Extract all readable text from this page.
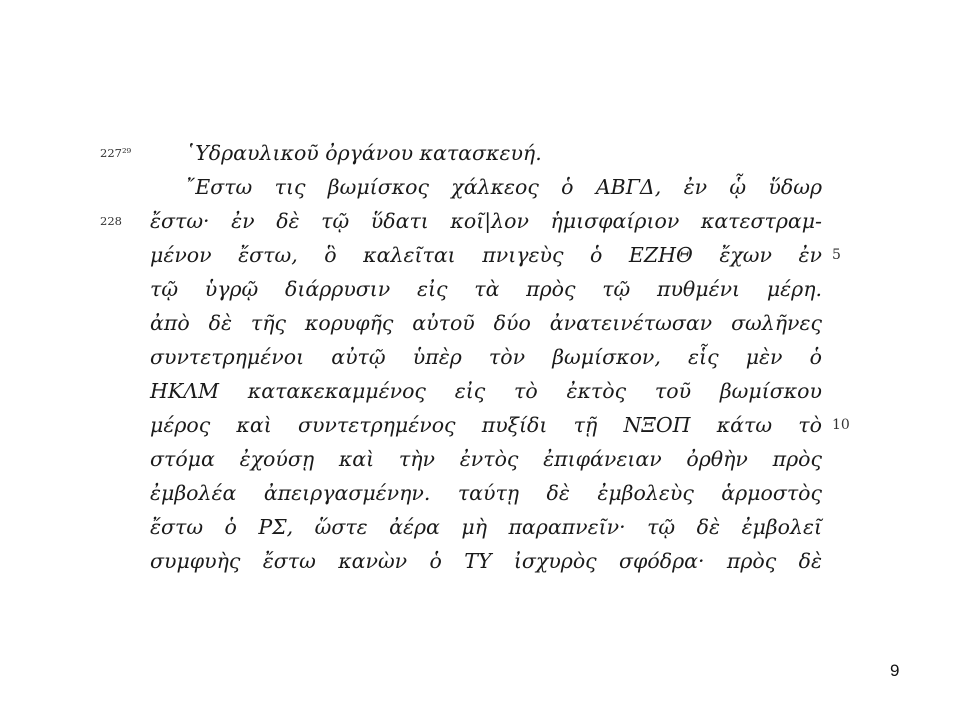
227²⁹
228
῾Υδραυλικοῦ ὀργάνου κατασκευή.
῎Εστω τις βωμίσκος χάλκεος ὁ ΑΒΓΔ, ἐν ᾧ ὕδωρ
ἔστω· ἐν δὲ τῷ ὕδατι κοῖ|λον ἡμισφαίριον κατεστραμ-
μένον ἔστω, ὃ καλεῖται πνιγεὺς ὁ ΕΖΗΘ ἔχων ἐν
τῷ ὑγρῷ διάρρυσιν εἰς τὰ πρὸς τῷ πυθμένι μέρη.
ἀπὸ δὲ τῆς κορυφῆς αὐτοῦ δύο ἀνατεινέτωσαν σωλῆνες
συντετρημένοι αὐτῷ ὑπὲρ τὸν βωμίσκον, εἷς μὲν ὁ
ΗΚΛΜ κατακεκαμμένος εἰς τὸ ἐκτὸς τοῦ βωμίσκου
μέρος καὶ συντετρημένος πυξίδι τῇ ΝΞΟΠ κάτω τὸ
στόμα ἐχούσῃ καὶ τὴν ἐντὸς ἐπιφάνειαν ὀρθὴν πρὸς
ἐμβολέα ἀπειργασμένην. ταύτῃ δὲ ἐμβολεὺς ἁρμοστὸς
ἔστω ὁ ΡΣ, ὥστε ἀέρα μὴ παραπνεῖν· τῷ δὲ ἐμβολεῖ
συμφυὴς ἔστω κανὼν ὁ ΤΥ ἰσχυρὸς σφόδρα· πρὸς δὲ
5
10
9
